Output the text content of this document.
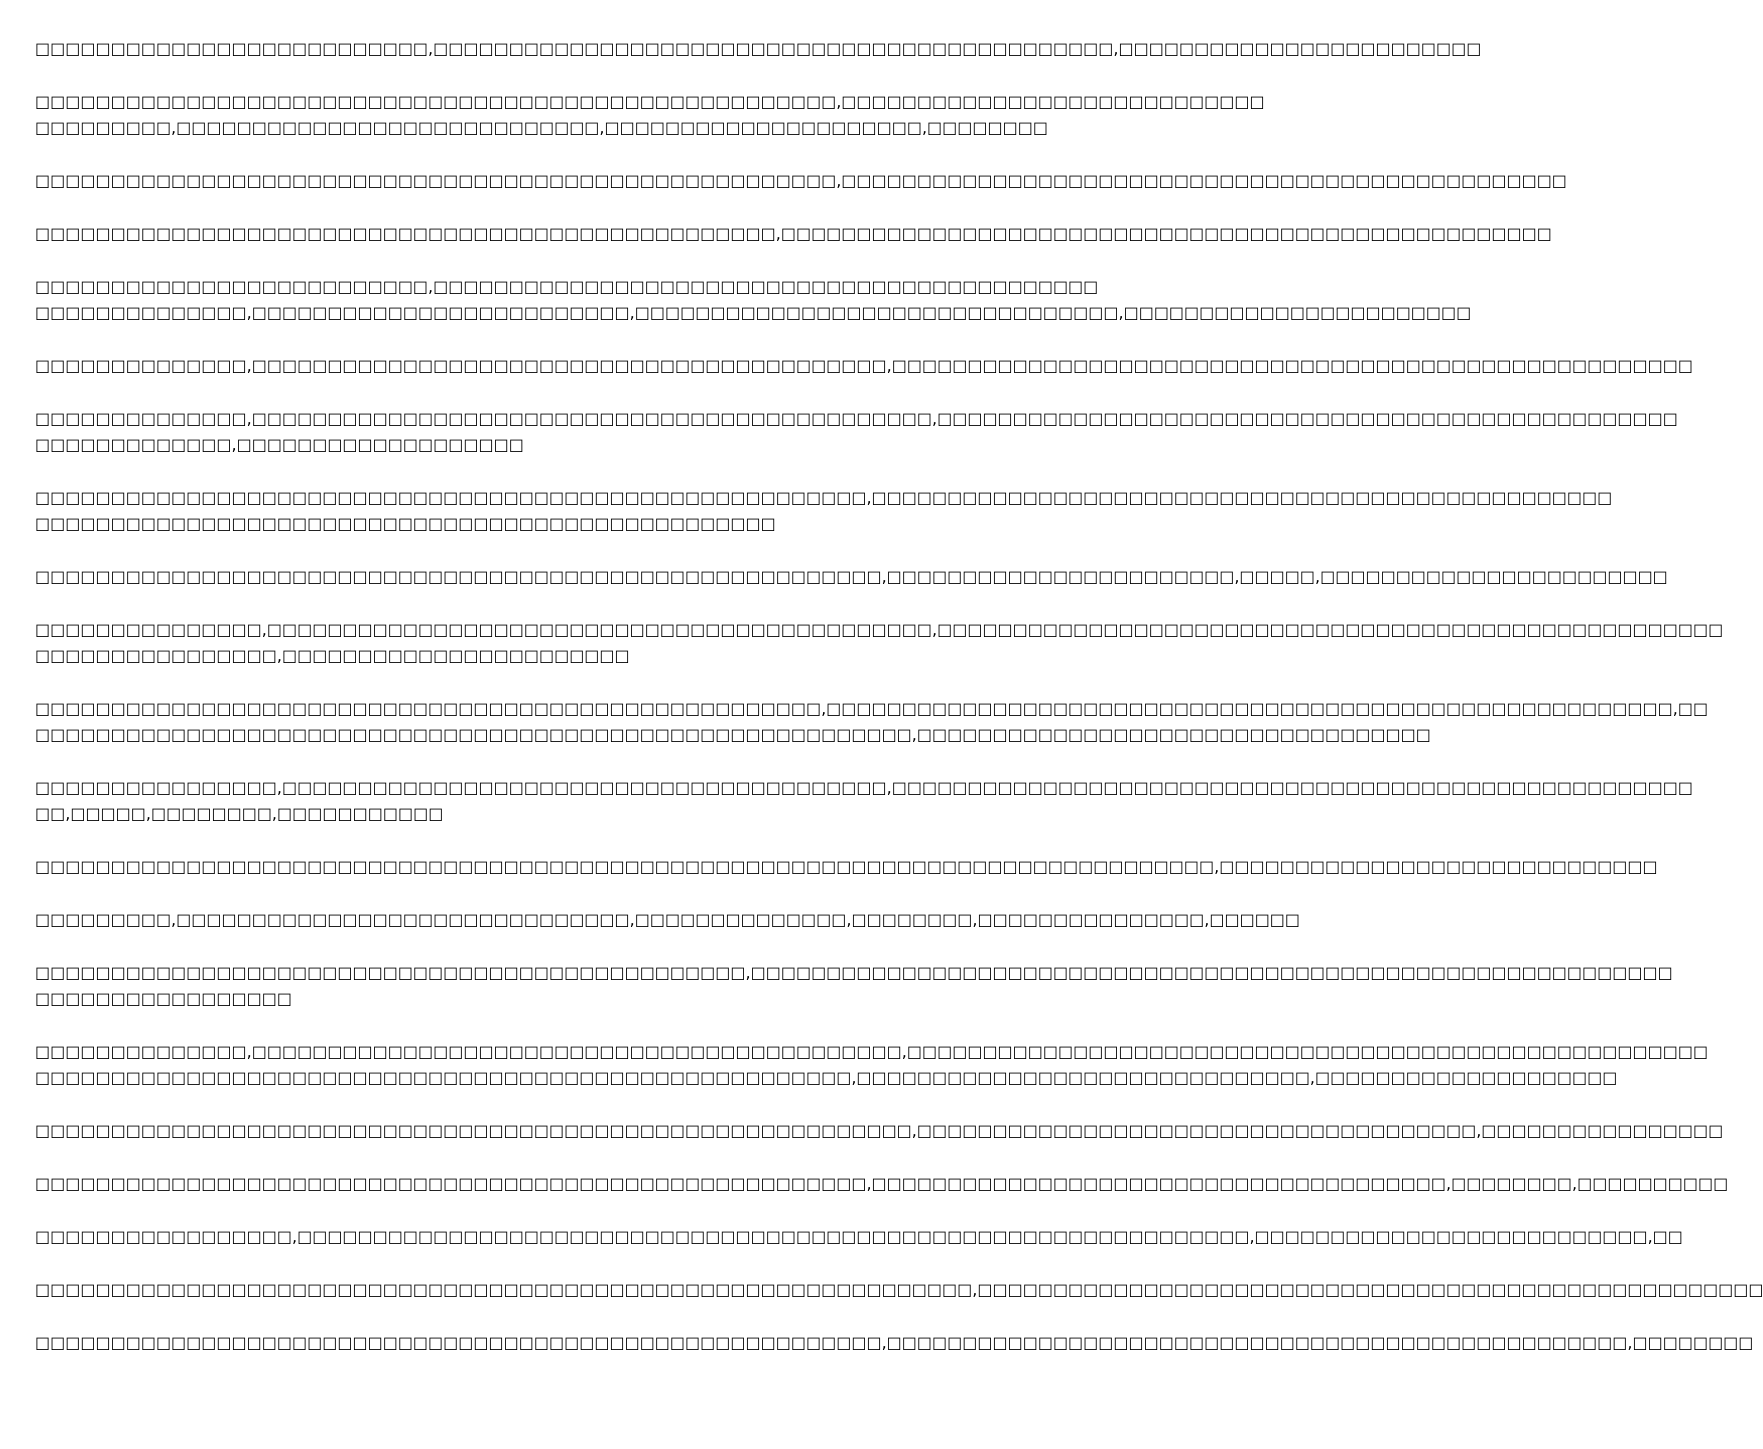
□□□□□□□□□□□□□□□□□□□□□□□□□□,□□□□□□□□□□□□□□□□□□□□□□□□□□□□□□□□□□□□□□□□□□□□□,□□□□□□□□□□□□□□□□□□□□□□□□
□□□□□□□□□□□□□□□□□□□□□□□□□□□□□□□□□□□□□□□□□□□□□□□□□□□□□,□□□□□□□□□□□□□□□□□□□□□□□□□□□□
□□□□□□□□□,□□□□□□□□□□□□□□□□□□□□□□□□□□□□,□□□□□□□□□□□□□□□□□□□□□,□□□□□□□□
□□□□□□□□□□□□□□□□□□□□□□□□□□□□□□□□□□□□□□□□□□□□□□□□□□□□□,□□□□□□□□□□□□□□□□□□□□□□□□□□□□□□□□□□□□□□□□□□□□□□□□
□□□□□□□□□□□□□□□□□□□□□□□□□□□□□□□□□□□□□□□□□□□□□□□□□,□□□□□□□□□□□□□□□□□□□□□□□□□□□□□□□□□□□□□□□□□□□□□□□□□□□
□□□□□□□□□□□□□□□□□□□□□□□□□□,□□□□□□□□□□□□□□□□□□□□□□□□□□□□□□□□□□□□□□□□□□□□
□□□□□□□□□□□□□□,□□□□□□□□□□□□□□□□□□□□□□□□□,□□□□□□□□□□□□□□□□□□□□□□□□□□□□□□□□,□□□□□□□□□□□□□□□□□□□□□□□
□□□□□□□□□□□□□□,□□□□□□□□□□□□□□□□□□□□□□□□□□□□□□□□□□□□□□□□□□,□□□□□□□□□□□□□□□□□□□□□□□□□□□□□□□□□□□□□□□□□□□□□□□□□□□□□
□□□□□□□□□□□□□□,□□□□□□□□□□□□□□□□□□□□□□□□□□□□□□□□□□□□□□□□□□□□□,□□□□□□□□□□□□□□□□□□□□□□□□□□□□□□□□□□□□□□□□□□□□□□□□□
□□□□□□□□□□□□□,□□□□□□□□□□□□□□□□□□□
□□□□□□□□□□□□□□□□□□□□□□□□□□□□□□□□□□□□□□□□□□□□□□□□□□□□□□□,□□□□□□□□□□□□□□□□□□□□□□□□□□□□□□□□□□□□□□□□□□□□□□□□□
□□□□□□□□□□□□□□□□□□□□□□□□□□□□□□□□□□□□□□□□□□□□□□□□□
□□□□□□□□□□□□□□□□□□□□□□□□□□□□□□□□□□□□□□□□□□□□□□□□□□□□□□□□,□□□□□□□□□□□□□□□□□□□□□□□,□□□□□,□□□□□□□□□□□□□□□□□□□□□□□
□□□□□□□□□□□□□□□,□□□□□□□□□□□□□□□□□□□□□□□□□□□□□□□□□□□□□□□□□□□□,□□□□□□□□□□□□□□□□□□□□□□□□□□□□□□□□□□□□□□□□□□□□□□□□□□□□
□□□□□□□□□□□□□□□□,□□□□□□□□□□□□□□□□□□□□□□□
□□□□□□□□□□□□□□□□□□□□□□□□□□□□□□□□□□□□□□□□□□□□□□□□□□□□,□□□□□□□□□□□□□□□□□□□□□□□□□□□□□□□□□□□□□□□□□□□□□□□□□□□□□□□□,□□
□□□□□□□□□□□□□□□□□□□□□□□□□□□□□□□□□□□□□□□□□□□□□□□□□□□□□□□□□□,□□□□□□□□□□□□□□□□□□□□□□□□□□□□□□□□□□
□□□□□□□□□□□□□□□□,□□□□□□□□□□□□□□□□□□□□□□□□□□□□□□□□□□□□□□□□,□□□□□□□□□□□□□□□□□□□□□□□□□□□□□□□□□□□□□□□□□□□□□□□□□□□□□
□□,□□□□□,□□□□□□□□,□□□□□□□□□□□
□□□□□□□□□□□□□□□□□□□□□□□□□□□□□□□□□□□□□□□□□□□□□□□□□□□□□□□□□□□□□□□□□□□□□□□□□□□□□□,□□□□□□□□□□□□□□□□□□□□□□□□□□□□□
□□□□□□□□□,□□□□□□□□□□□□□□□□□□□□□□□□□□□□□□,□□□□□□□□□□□□□□,□□□□□□□□,□□□□□□□□□□□□□□□,□□□□□□
□□□□□□□□□□□□□□□□□□□□□□□□□□□□□□□□□□□□□□□□□□□□□□□,□□□□□□□□□□□□□□□□□□□□□□□□□□□□□□□□□□□□□□□□□□□□□□□□□□□□□□□□□□□□□
□□□□□□□□□□□□□□□□□
□□□□□□□□□□□□□□,□□□□□□□□□□□□□□□□□□□□□□□□□□□□□□□□□□□□□□□□□□□,□□□□□□□□□□□□□□□□□□□□□□□□□□□□□□□□□□□□□□□□□□□□□□□□□□□□□
□□□□□□□□□□□□□□□□□□□□□□□□□□□□□□□□□□□□□□□□□□□□□□□□□□□□□□,□□□□□□□□□□□□□□□□□□□□□□□□□□□□□□,□□□□□□□□□□□□□□□□□□□□
□□□□□□□□□□□□□□□□□□□□□□□□□□□□□□□□□□□□□□□□□□□□□□□□□□□□□□□□□□,□□□□□□□□□□□□□□□□□□□□□□□□□□□□□□□□□□□□□,□□□□□□□□□□□□□□□□
□□□□□□□□□□□□□□□□□□□□□□□□□□□□□□□□□□□□□□□□□□□□□□□□□□□□□□□,□□□□□□□□□□□□□□□□□□□□□□□□□□□□□□□□□□□□□□,□□□□□□□□,□□□□□□□□□□
□□□□□□□□□□□□□□□□□,□□□□□□□□□□□□□□□□□□□□□□□□□□□□□□□□□□□□□□□□□□□□□□□□□□□□□□□□□□□□□□□,□□□□□□□□□□□□□□□□□□□□□□□□□□,□□
□□□□□□□□□□□□□□□□□□□□□□□□□□□□□□□□□□□□□□□□□□□□□□□□□□□□□□□□□□□□□□,□□□□□□□□□□□□□□□□□□□□□□□□□□□□□□□□□□□□□□□□□□□□□□□□□□□□
□□□□□□□□□□□□□□□□□□□□□□□□□□□□□□□□□□□□□□□□□□□□□□□□□□□□□□□□,□□□□□□□□□□□□□□□□□□□□□□□□□□□□□□□□□□□□□□□□□□□□□□□□□,□□□□□□□□
